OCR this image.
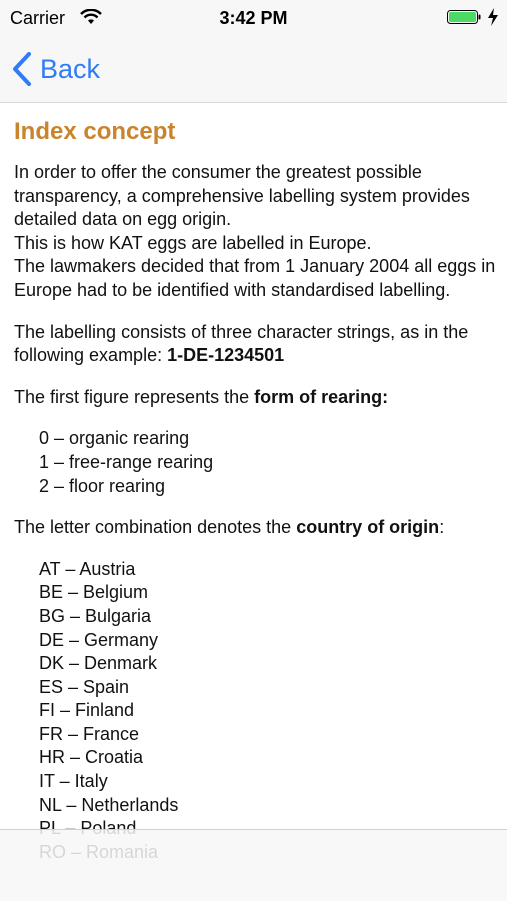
Carrier	3:42 PM
Back
Index concept
In order to offer the consumer the greatest possible transparency, a comprehensive labelling system provides detailed data on egg origin.
This is how KAT eggs are labelled in Europe.
The lawmakers decided that from 1 January 2004 all eggs in Europe had to be identified with standardised labelling.
The labelling consists of three character strings, as in the following example: 1-DE-1234501
The first figure represents the form of rearing:
0 – organic rearing
1 – free-range rearing
2 – floor rearing
The letter combination denotes the country of origin:
AT – Austria
BE – Belgium
BG – Bulgaria
DE – Germany
DK – Denmark
ES – Spain
FI – Finland
FR – France
HR – Croatia
IT – Italy
NL – Netherlands
